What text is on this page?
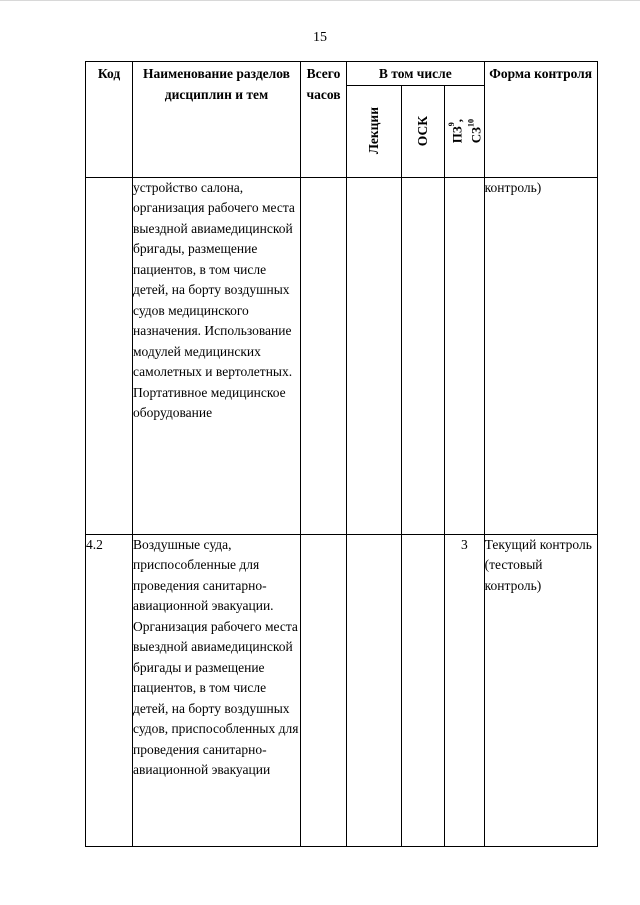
15
Код	Наименование разделов дисциплин и тем	Всего часов	В том числе			Форма контроля

			Лекции	ОСК	$ПЗ^9$,
СЗ$^{10}$

	устройство салона, организация рабочего места выездной авиамедицинской бригады, размещение пациентов, в том числе детей, на борту воздушных судов медицинского назначения. Использование модулей медицинских самолетных и вертолетных. Портативное медицинское оборудование					контроль)
4.2	Воздушные суда, приспособленные для проведения санитарно-авиационной эвакуации. Организация рабочего места выездной авиамедицинской бригады и размещение пациентов, в том числе детей, на борту воздушных судов, приспособленных для проведения санитарно-авиационной эвакуации				3	Текущий контроль (тестовый контроль)
